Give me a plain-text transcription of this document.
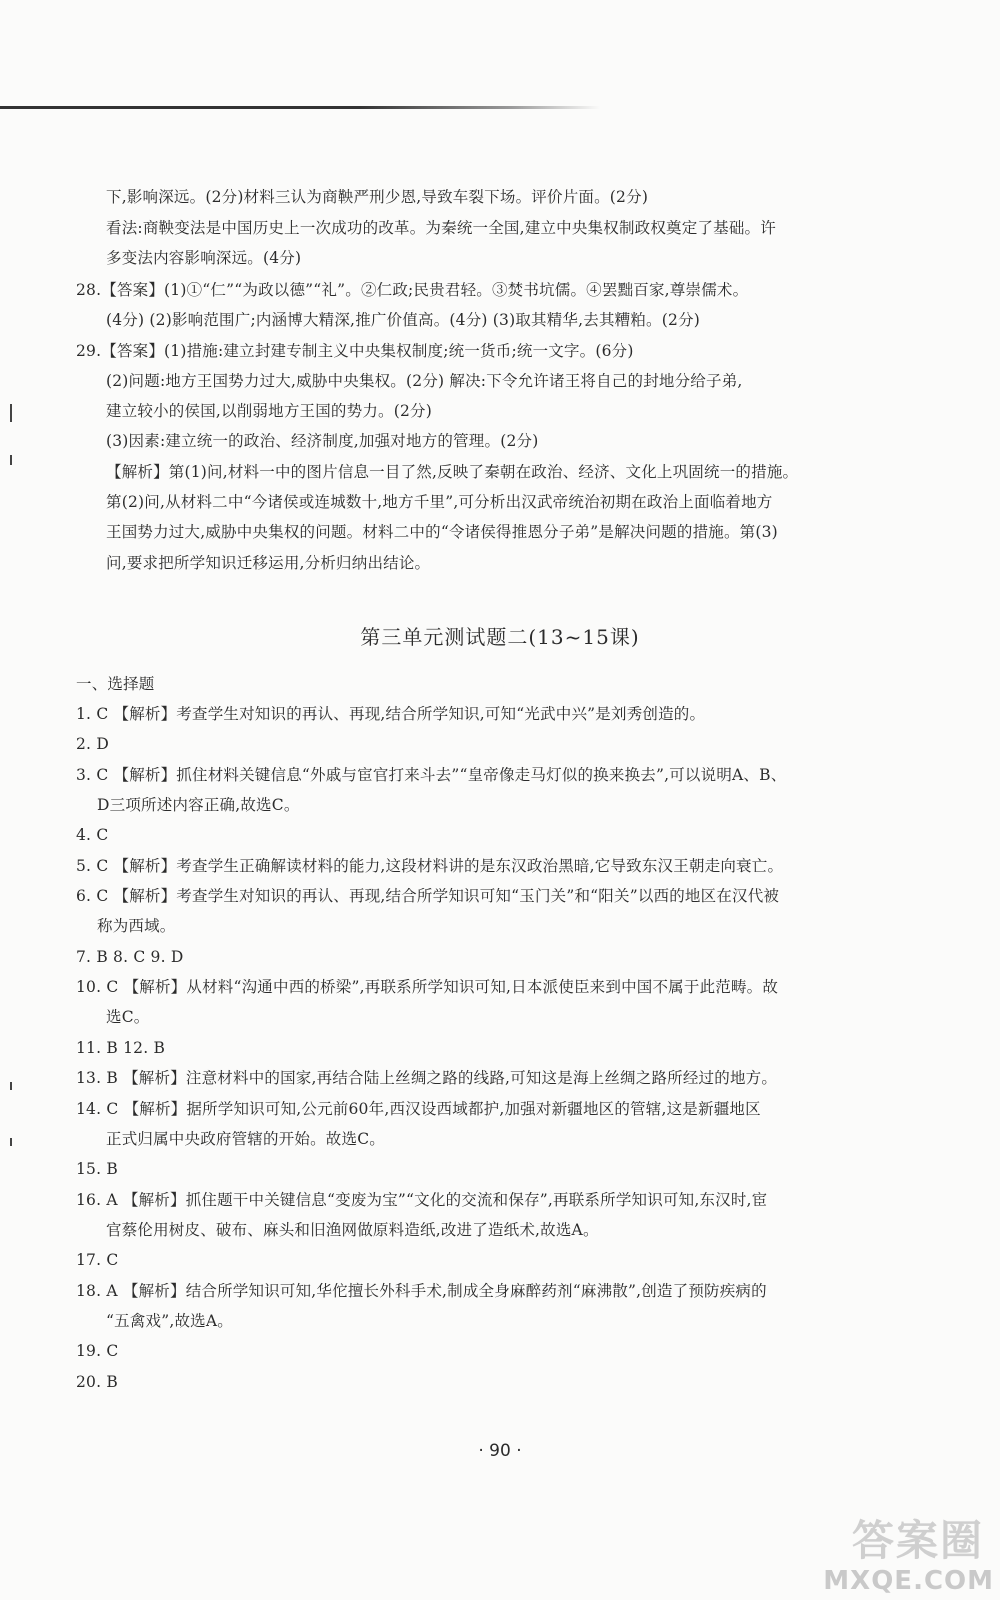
下,影响深远。(2分)材料三认为商鞅严刑少恩,导致车裂下场。评价片面。(2分)
看法:商鞅变法是中国历史上一次成功的改革。为秦统一全国,建立中央集权制政权奠定了基础。许
多变法内容影响深远。(4分)
28.【答案】(1)①“仁”“为政以德”“礼”。②仁政;民贵君轻。③焚书坑儒。④罢黜百家,尊崇儒术。
(4分) (2)影响范围广;内涵博大精深,推广价值高。(4分) (3)取其精华,去其糟粕。(2分)
29.【答案】(1)措施:建立封建专制主义中央集权制度;统一货币;统一文字。(6分)
(2)问题:地方王国势力过大,威胁中央集权。(2分) 解决:下令允许诸王将自己的封地分给子弟,
建立较小的侯国,以削弱地方王国的势力。(2分)
(3)因素:建立统一的政治、经济制度,加强对地方的管理。(2分)
【解析】第(1)问,材料一中的图片信息一目了然,反映了秦朝在政治、经济、文化上巩固统一的措施。
第(2)问,从材料二中“今诸侯或连城数十,地方千里”,可分析出汉武帝统治初期在政治上面临着地方
王国势力过大,威胁中央集权的问题。材料二中的“令诸侯得推恩分子弟”是解决问题的措施。第(3)
问,要求把所学知识迁移运用,分析归纳出结论。
第三单元测试题二(13~15课)
一、选择题
1. C 【解析】考查学生对知识的再认、再现,结合所学知识,可知“光武中兴”是刘秀创造的。
2. D
3. C 【解析】抓住材料关键信息“外戚与宦官打来斗去”“皇帝像走马灯似的换来换去”,可以说明A、B、
D三项所述内容正确,故选C。
4. C
5. C 【解析】考查学生正确解读材料的能力,这段材料讲的是东汉政治黑暗,它导致东汉王朝走向衰亡。
6. C 【解析】考查学生对知识的再认、再现,结合所学知识可知“玉门关”和“阳关”以西的地区在汉代被
称为西域。
7. B 8. C 9. D
10. C 【解析】从材料“沟通中西的桥梁”,再联系所学知识可知,日本派使臣来到中国不属于此范畴。故
选C。
11. B 12. B
13. B 【解析】注意材料中的国家,再结合陆上丝绸之路的线路,可知这是海上丝绸之路所经过的地方。
14. C 【解析】据所学知识可知,公元前60年,西汉设西域都护,加强对新疆地区的管辖,这是新疆地区
正式归属中央政府管辖的开始。故选C。
15. B
16. A 【解析】抓住题干中关键信息“变废为宝”“文化的交流和保存”,再联系所学知识可知,东汉时,宦
官蔡伦用树皮、破布、麻头和旧渔网做原料造纸,改进了造纸术,故选A。
17. C
18. A 【解析】结合所学知识可知,华佗擅长外科手术,制成全身麻醉药剂“麻沸散”,创造了预防疾病的
“五禽戏”,故选A。
19. C
20. B
· 90 ·
答案圈
MXQE.COM
